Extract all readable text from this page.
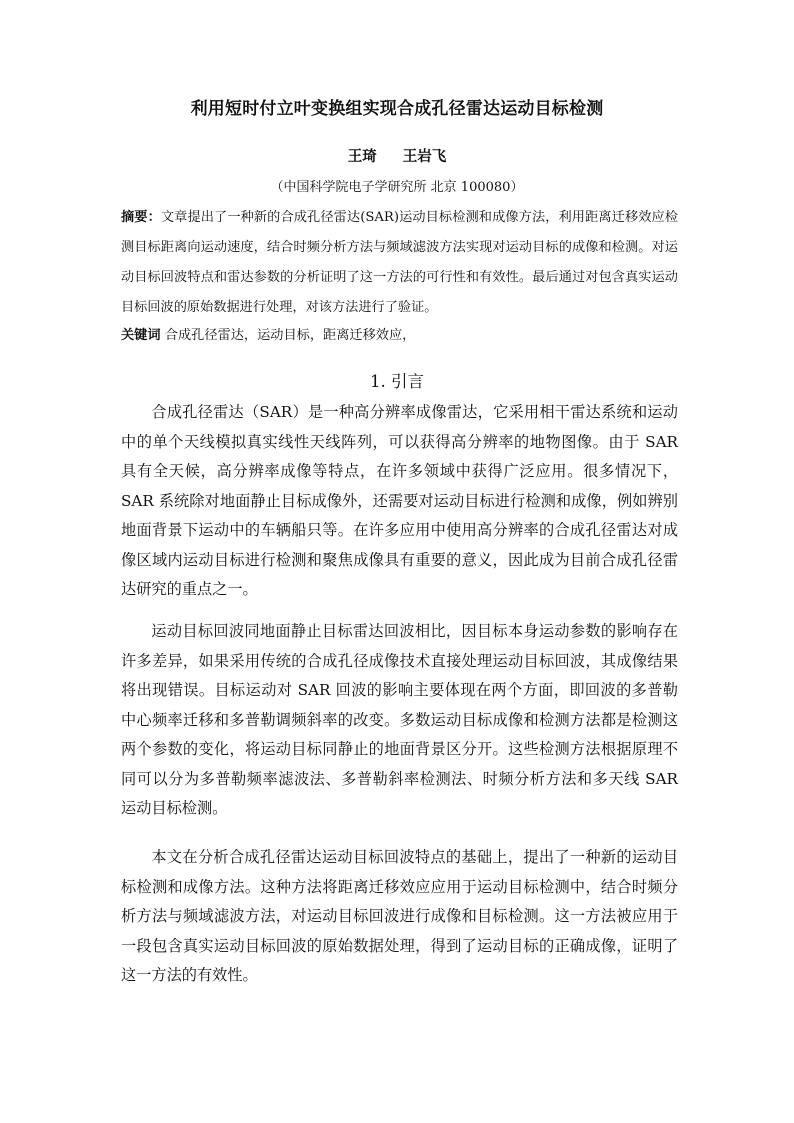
利用短时付立叶变换组实现合成孔径雷达运动目标检测
王琦 王岩飞
（中国科学院电子学研究所 北京 100080）
摘要：文章提出了一种新的合成孔径雷达(SAR)运动目标检测和成像方法，利用距离迁移效应检测目标距离向运动速度，结合时频分析方法与频域滤波方法实现对运动目标的成像和检测。对运动目标回波特点和雷达参数的分析证明了这一方法的可行性和有效性。最后通过对包含真实运动目标回波的原始数据进行处理，对该方法进行了验证。
关键词 合成孔径雷达，运动目标，距离迁移效应，
1. 引言

合成孔径雷达（SAR）是一种高分辨率成像雷达，它采用相干雷达系统和运动中的单个天线模拟真实线性天线阵列，可以获得高分辨率的地物图像。由于 SAR 具有全天候，高分辨率成像等特点，在许多领域中获得广泛应用。很多情况下，SAR 系统除对地面静止目标成像外，还需要对运动目标进行检测和成像，例如辨别地面背景下运动中的车辆船只等。在许多应用中使用高分辨率的合成孔径雷达对成像区域内运动目标进行检测和聚焦成像具有重要的意义，因此成为目前合成孔径雷达研究的重点之一。

运动目标回波同地面静止目标雷达回波相比，因目标本身运动参数的影响存在许多差异，如果采用传统的合成孔径成像技术直接处理运动目标回波，其成像结果将出现错误。目标运动对 SAR 回波的影响主要体现在两个方面，即回波的多普勒中心频率迁移和多普勒调频斜率的改变。多数运动目标成像和检测方法都是检测这两个参数的变化，将运动目标同静止的地面背景区分开。这些检测方法根据原理不同可以分为多普勒频率滤波法、多普勒斜率检测法、时频分析方法和多天线 SAR 运动目标检测。

本文在分析合成孔径雷达运动目标回波特点的基础上，提出了一种新的运动目标检测和成像方法。这种方法将距离迁移效应应用于运动目标检测中，结合时频分析方法与频域滤波方法，对运动目标回波进行成像和目标检测。这一方法被应用于一段包含真实运动目标回波的原始数据处理，得到了运动目标的正确成像，证明了这一方法的有效性。
